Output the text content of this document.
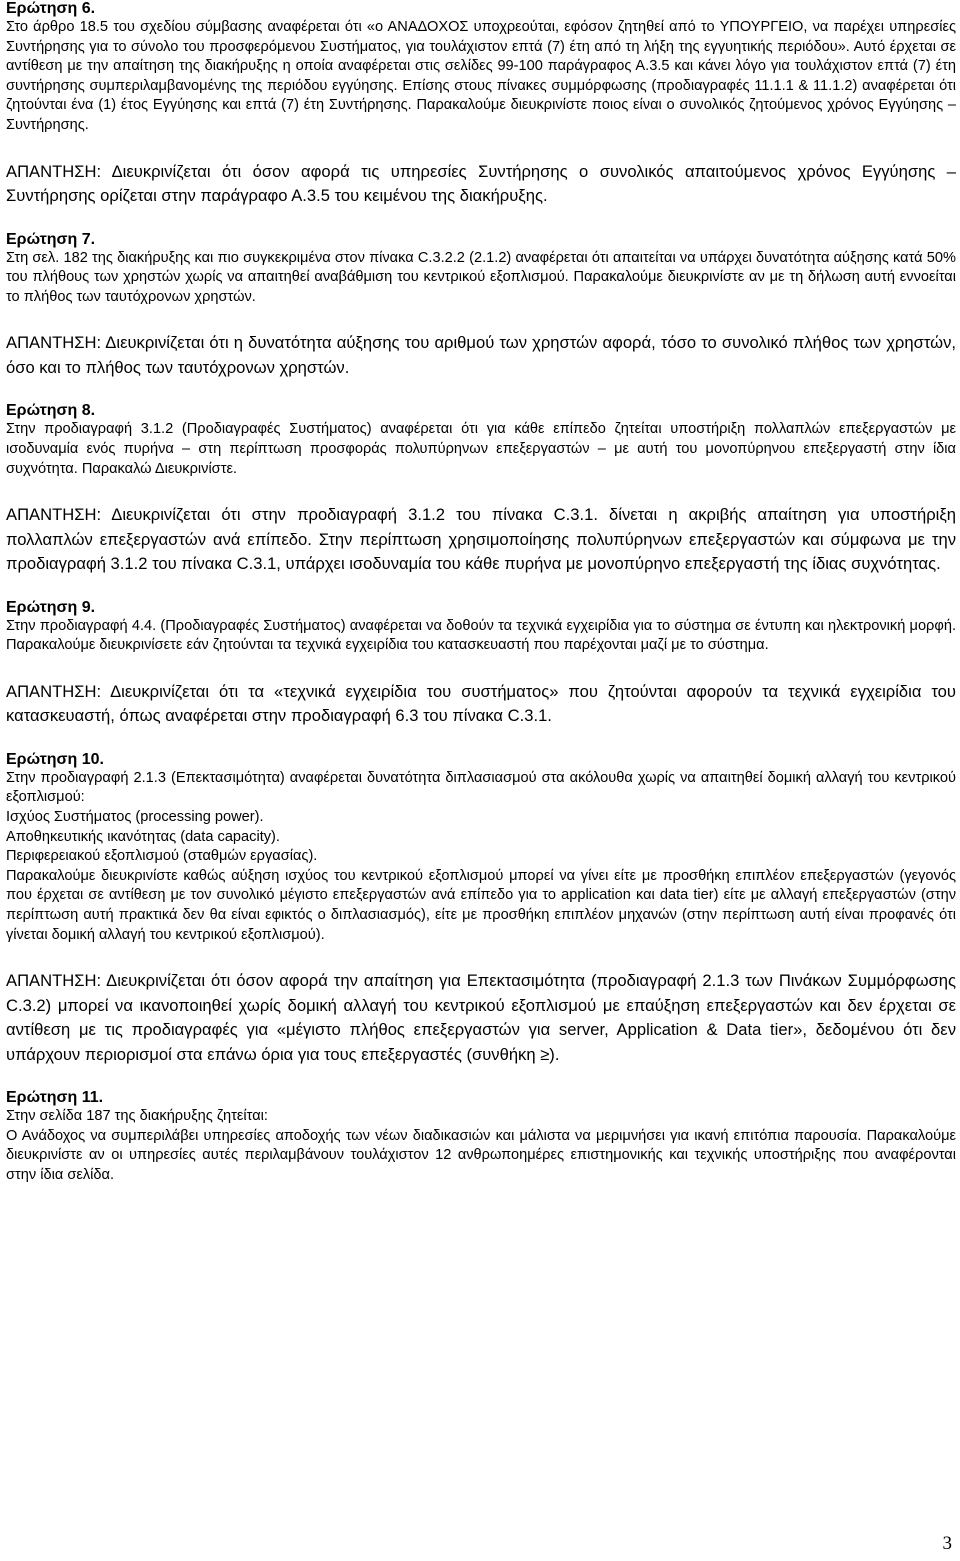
Ερώτηση 6.

Στο άρθρο 18.5 του σχεδίου σύμβασης αναφέρεται ότι «ο ΑΝΑΔΟΧΟΣ υποχρεούται, εφόσον ζητηθεί από το ΥΠΟΥΡΓΕΙΟ, να παρέχει υπηρεσίες Συντήρησης για το σύνολο του προσφερόμενου Συστήματος, για τουλάχιστον επτά (7) έτη από τη λήξη της εγγυητικής περιόδου». Αυτό έρχεται σε αντίθεση με την απαίτηση της διακήρυξης η οποία αναφέρεται στις σελίδες 99-100 παράγραφος Α.3.5 και κάνει λόγο για τουλάχιστον επτά (7) έτη συντήρησης συμπεριλαμβανομένης της περιόδου εγγύησης. Επίσης στους πίνακες συμμόρφωσης (προδιαγραφές 11.1.1 & 11.1.2) αναφέρεται ότι ζητούνται ένα (1) έτος Εγγύησης και επτά (7) έτη Συντήρησης. Παρακαλούμε διευκρινίστε ποιος είναι ο συνολικός ζητούμενος χρόνος Εγγύησης – Συντήρησης.

ΑΠΑΝΤΗΣΗ: Διευκρινίζεται ότι όσον αφορά τις υπηρεσίες Συντήρησης ο συνολικός απαιτούμενος χρόνος Εγγύησης – Συντήρησης ορίζεται στην παράγραφο Α.3.5 του κειμένου της διακήρυξης.

Ερώτηση 7.

Στη σελ. 182 της διακήρυξης και πιο συγκεκριμένα στον πίνακα C.3.2.2 (2.1.2) αναφέρεται ότι απαιτείται να υπάρχει δυνατότητα αύξησης κατά 50% του πλήθους των χρηστών χωρίς να απαιτηθεί αναβάθμιση του κεντρικού εξοπλισμού. Παρακαλούμε διευκρινίστε αν με τη δήλωση αυτή εννοείται το πλήθος των ταυτόχρονων χρηστών.

ΑΠΑΝΤΗΣΗ: Διευκρινίζεται ότι η δυνατότητα αύξησης του αριθμού των χρηστών αφορά, τόσο το συνολικό πλήθος των χρηστών, όσο και το πλήθος των ταυτόχρονων χρηστών.

Ερώτηση 8.

Στην προδιαγραφή 3.1.2 (Προδιαγραφές Συστήματος) αναφέρεται ότι για κάθε επίπεδο ζητείται υποστήριξη πολλαπλών επεξεργαστών με ισοδυναμία ενός πυρήνα – στη περίπτωση προσφοράς πολυπύρηνων επεξεργαστών – με αυτή του μονοπύρηνου επεξεργαστή στην ίδια συχνότητα. Παρακαλώ Διευκρινίστε.

ΑΠΑΝΤΗΣΗ: Διευκρινίζεται ότι στην προδιαγραφή 3.1.2 του πίνακα C.3.1. δίνεται η ακριβής απαίτηση για υποστήριξη πολλαπλών επεξεργαστών ανά επίπεδο. Στην περίπτωση χρησιμοποίησης πολυπύρηνων επεξεργαστών και σύμφωνα με την προδιαγραφή 3.1.2 του πίνακα C.3.1, υπάρχει ισοδυναμία του κάθε πυρήνα με μονοπύρηνο επεξεργαστή της ίδιας συχνότητας.

Ερώτηση 9.

Στην προδιαγραφή 4.4. (Προδιαγραφές Συστήματος) αναφέρεται να δοθούν τα τεχνικά εγχειρίδια για το σύστημα σε έντυπη και ηλεκτρονική μορφή. Παρακαλούμε διευκρινίσετε εάν ζητούνται τα τεχνικά εγχειρίδια του κατασκευαστή που παρέχονται μαζί με το σύστημα.

ΑΠΑΝΤΗΣΗ: Διευκρινίζεται ότι τα «τεχνικά εγχειρίδια του συστήματος» που ζητούνται αφορούν τα τεχνικά εγχειρίδια του κατασκευαστή, όπως αναφέρεται στην προδιαγραφή 6.3 του πίνακα C.3.1.

Ερώτηση 10.

Στην προδιαγραφή 2.1.3 (Επεκτασιμότητα) αναφέρεται δυνατότητα διπλασιασμού στα ακόλουθα χωρίς να απαιτηθεί δομική αλλαγή του κεντρικού εξοπλισμού:

Ισχύος Συστήματος (processing power).

Αποθηκευτικής ικανότητας (data capacity).

Περιφερειακού εξοπλισμού (σταθμών εργασίας).

Παρακαλούμε διευκρινίστε καθώς αύξηση ισχύος του κεντρικού εξοπλισμού μπορεί να γίνει είτε με προσθήκη επιπλέον επεξεργαστών (γεγονός που έρχεται σε αντίθεση με τον συνολικό μέγιστο επεξεργαστών ανά επίπεδο για το application και data tier) είτε με αλλαγή επεξεργαστών (στην περίπτωση αυτή πρακτικά δεν θα είναι εφικτός ο διπλασιασμός), είτε με προσθήκη επιπλέον μηχανών (στην περίπτωση αυτή είναι προφανές ότι γίνεται δομική αλλαγή του κεντρικού εξοπλισμού).

ΑΠΑΝΤΗΣΗ: Διευκρινίζεται ότι όσον αφορά την απαίτηση για Επεκτασιμότητα (προδιαγραφή 2.1.3 των Πινάκων Συμμόρφωσης C.3.2) μπορεί να ικανοποιηθεί χωρίς δομική αλλαγή του κεντρικού εξοπλισμού με επαύξηση επεξεργαστών και δεν έρχεται σε αντίθεση με τις προδιαγραφές για «μέγιστο πλήθος επεξεργαστών για server, Application & Data tier», δεδομένου ότι δεν υπάρχουν περιορισμοί στα επάνω όρια για τους επεξεργαστές (συνθήκη ≥).

Ερώτηση 11.

Στην σελίδα 187 της διακήρυξης ζητείται:

Ο Ανάδοχος να συμπεριλάβει υπηρεσίες αποδοχής των νέων διαδικασιών και μάλιστα να μεριμνήσει για ικανή επιτόπια παρουσία. Παρακαλούμε διευκρινίστε αν οι υπηρεσίες αυτές περιλαμβάνουν τουλάχιστον 12 ανθρωποημέρες επιστημονικής και τεχνικής υποστήριξης που αναφέρονται στην ίδια σελίδα.

3
